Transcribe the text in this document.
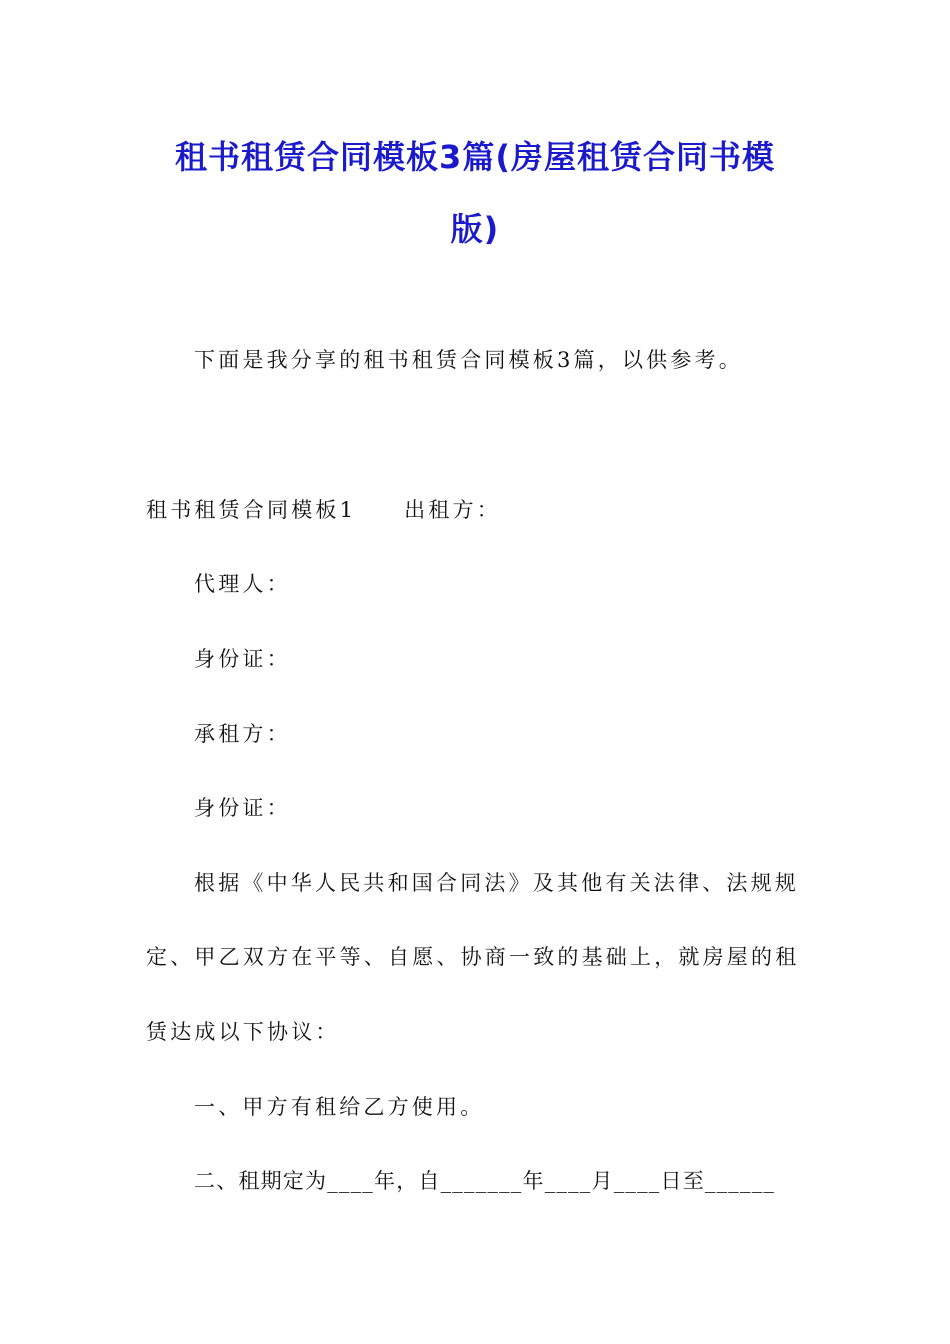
租书租赁合同模板3篇(房屋租赁合同书模
版)
下面是我分享的租书租赁合同模板3篇，以供参考。
租书租赁合同模板1 出租方：
代理人：
身份证：
承租方：
身份证：
根据《中华人民共和国合同法》及其他有关法律、法规规
定、甲乙双方在平等、自愿、协商一致的基础上，就房屋的租
赁达成以下协议：
一、甲方有租给乙方使用。
二、租期定为____年，自_______年____月____日至______
